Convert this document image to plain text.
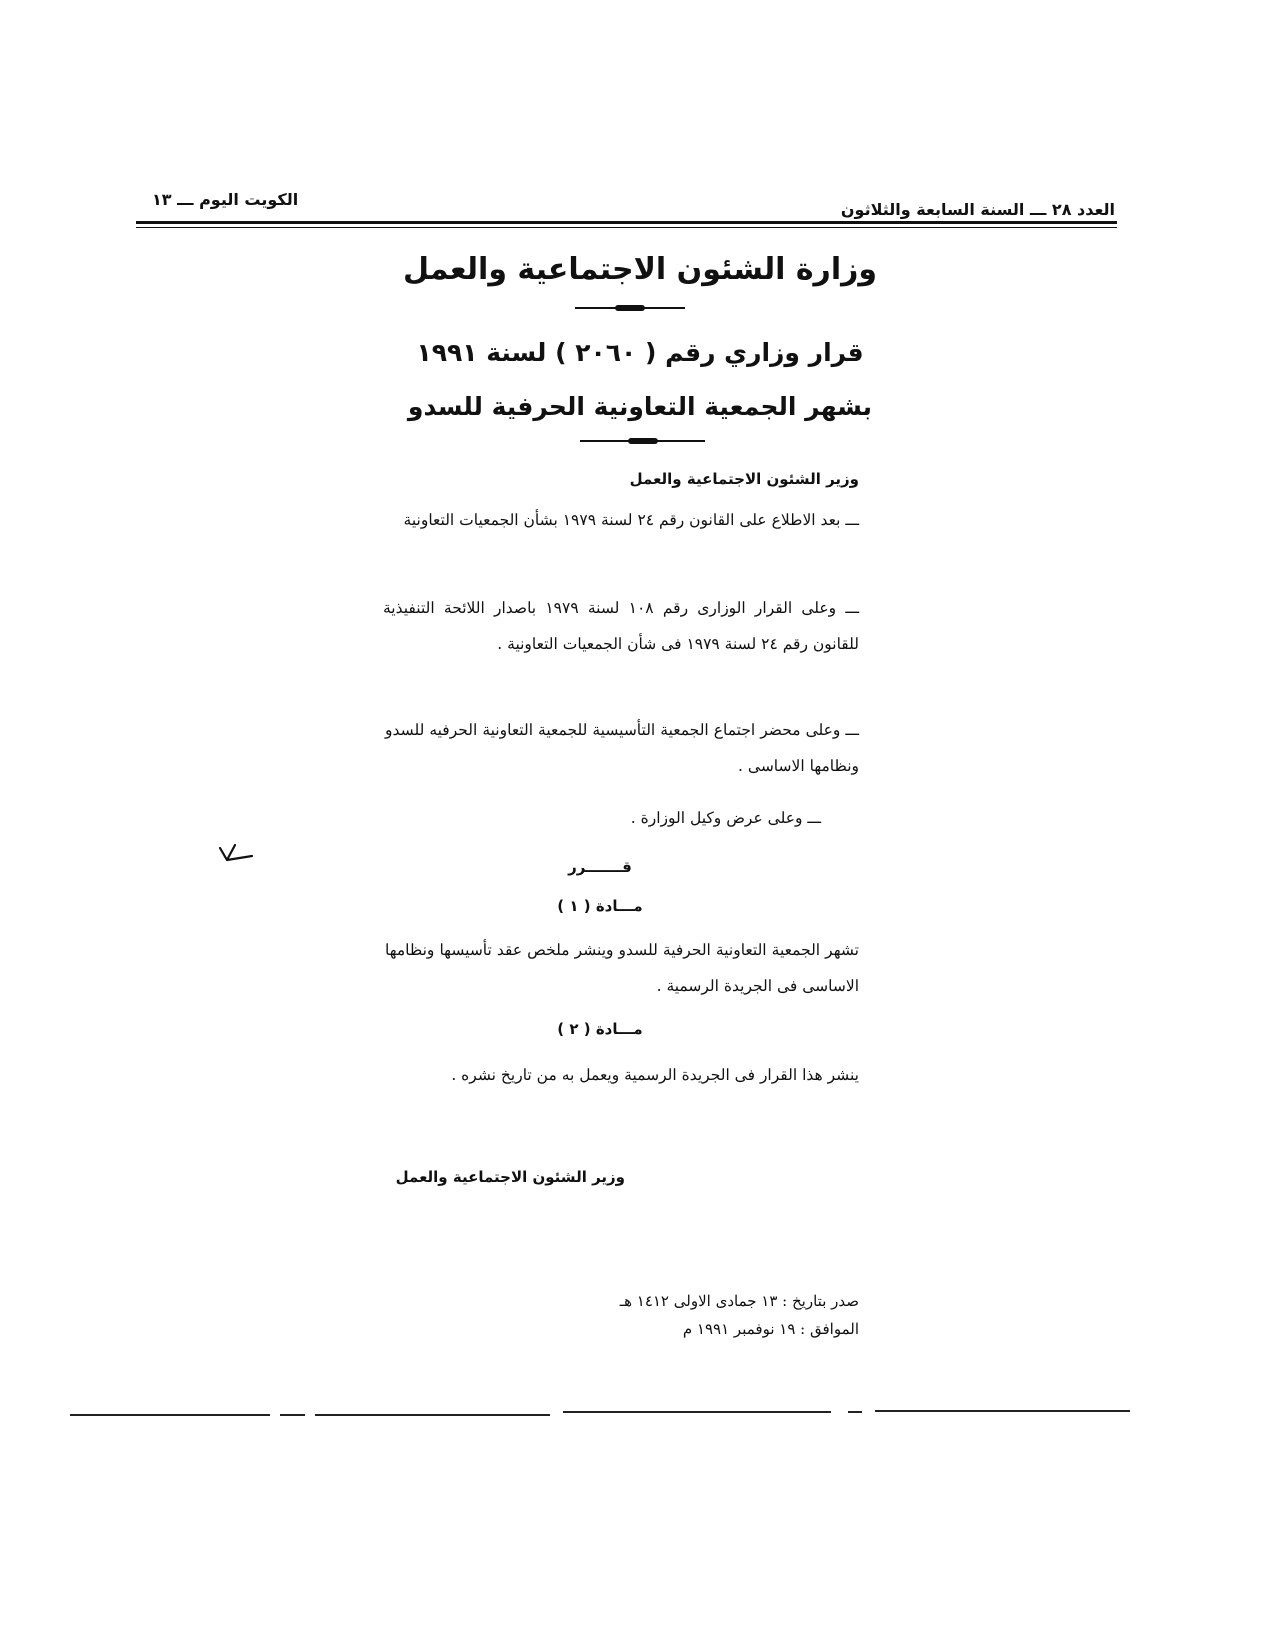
العدد ٢٨ ـــ السنة السابعة والثلاثون
الكويت اليوم ـــ ١٣
وزارة الشئون الاجتماعية والعمل
قرار وزاري رقم ( ٢٠٦٠ ) لسنة ١٩٩١
بشهر الجمعية التعاونية الحرفية للسدو
وزير الشئون الاجتماعية والعمل
ـــ بعد الاطلاع على القانون رقم ٢٤ لسنة ١٩٧٩ بشأن الجمعيات التعاونية
ـــ وعلى القرار الوزارى رقم ١٠٨ لسنة ١٩٧٩ باصدار اللائحة التنفيذية للقانون رقم ٢٤ لسنة ١٩٧٩ فى شأن الجمعيات التعاونية .
ـــ وعلى محضر اجتماع الجمعية التأسيسية للجمعية التعاونية الحرفيه للسدو ونظامها الاساسى .
ـــ وعلى عرض وكيل الوزارة .
قـــــــرر
مـــادة ( ١ )
تشهر الجمعية التعاونية الحرفية للسدو وينشر ملخص عقد تأسيسها ونظامها الاساسى فى الجريدة الرسمية .
مـــادة ( ٢ )
ينشر هذا القرار فى الجريدة الرسمية ويعمل به من تاريخ نشره .
وزير الشئون الاجتماعية والعمل
صدر بتاريخ : ١٣ جمادى الاولى ١٤١٢ هـ
الموافق : ١٩ نوفمبر ١٩٩١ م
